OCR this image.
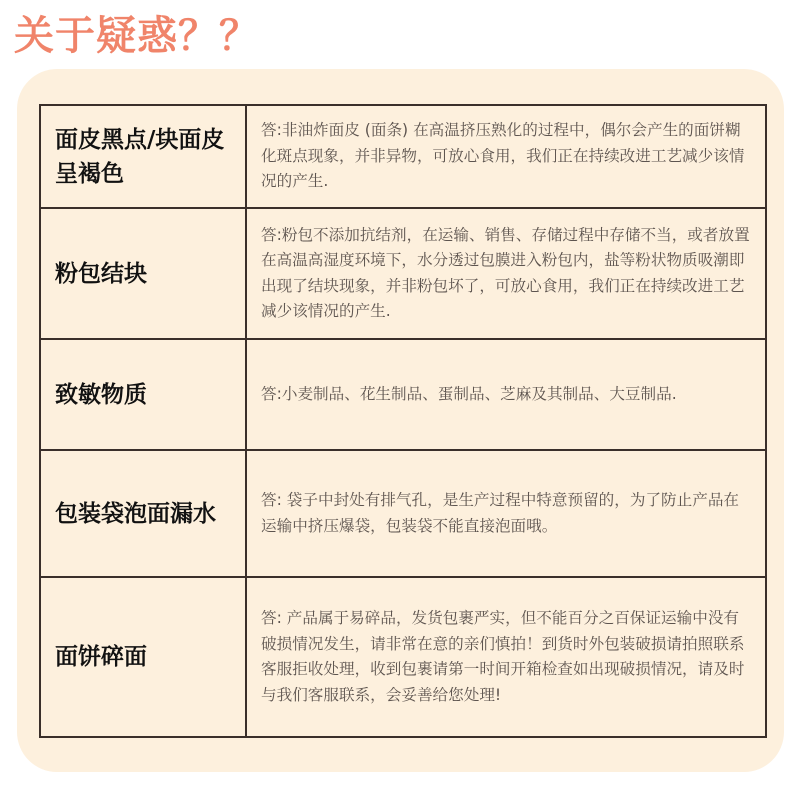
关于疑惑？？
面皮黑点/块面皮呈褐色	答:非油炸面皮 (面条) 在高温挤压熟化的过程中，偶尔会产生的面饼糊化斑点现象，并非异物，可放心食用，我们正在持续改进工艺减少该情况的产生.
粉包结块	答:粉包不添加抗结剂，在运输、销售、存储过程中存储不当，或者放置在高温高湿度环境下，水分透过包膜进入粉包内，盐等粉状物质吸潮即出现了结块现象，并非粉包坏了，可放心食用，我们正在持续改进工艺减少该情况的产生.
致敏物质	答:小麦制品、花生制品、蛋制品、芝麻及其制品、大豆制品.
包装袋泡面漏水	答: 袋子中封处有排气孔，是生产过程中特意预留的，为了防止产品在运输中挤压爆袋，包装袋不能直接泡面哦。
面饼碎面	答: 产品属于易碎品，发货包裹严实，但不能百分之百保证运输中没有破损情况发生，请非常在意的亲们慎拍！到货时外包装破损请拍照联系客服拒收处理，收到包裹请第一时间开箱检查如出现破损情况，请及时与我们客服联系，会妥善给您处理!
